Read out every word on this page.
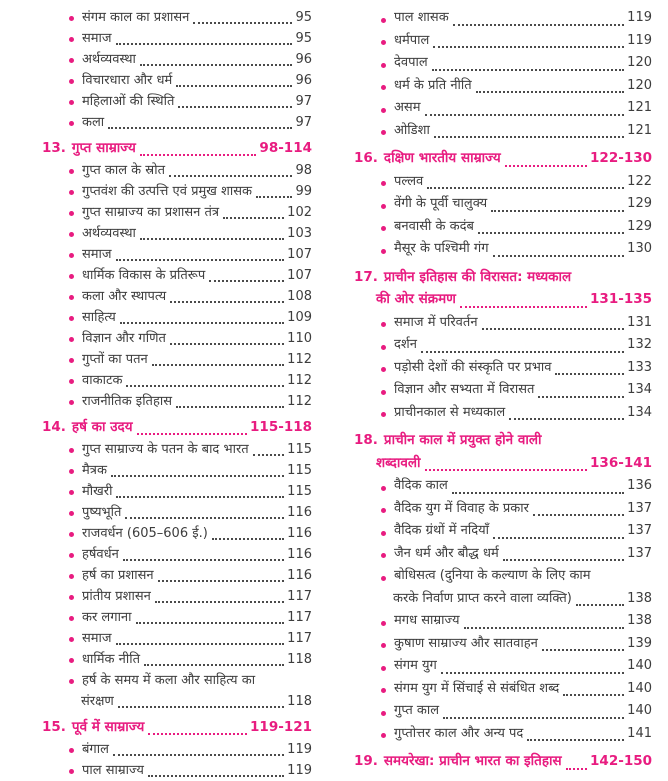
संगम काल का प्रशासन	95
समाज	95
अर्थव्यवस्था	96
विचारधारा और धर्म	96
महिलाओं की स्थिति	97
कला	97
13. गुप्त साम्राज्य	98-114
गुप्त काल के स्रोत	98
गुप्तवंश की उत्पत्ति एवं प्रमुख शासक	99
गुप्त साम्राज्य का प्रशासन तंत्र	102
अर्थव्यवस्था	103
समाज	107
धार्मिक विकास के प्रतिरूप	107
कला और स्थापत्य	108
साहित्य	109
विज्ञान और गणित	110
गुप्तों का पतन	112
वाकाटक	112
राजनीतिक इतिहास	112
14. हर्ष का उदय	115-118
गुप्त साम्राज्य के पतन के बाद भारत	115
मैत्रक	115
मौखरी	115
पुष्यभूति	116
राजवर्धन (605–606 ई.)	116
हर्षवर्धन	116
हर्ष का प्रशासन	116
प्रांतीय प्रशासन	117
कर लगाना	117
समाज	117
धार्मिक नीति	118
हर्ष के समय में कला और साहित्य का
संरक्षण	118
15. पूर्व में साम्राज्य	119-121
बंगाल	119
पाल साम्राज्य	119
पाल शासक	119
धर्मपाल	119
देवपाल	120
धर्म के प्रति नीति	120
असम	121
ओडिशा	121
16. दक्षिण भारतीय साम्राज्य	122-130
पल्लव	122
वेंगी के पूर्वी चालुक्य	129
बनवासी के कदंब	129
मैसूर के पश्चिमी गंग	130
17. प्राचीन इतिहास की विरासत: मध्यकाल
की ओर संक्रमण	131-135
समाज में परिवर्तन	131
दर्शन	132
पड़ोसी देशों की संस्कृति पर प्रभाव	133
विज्ञान और सभ्यता में विरासत	134
प्राचीनकाल से मध्यकाल	134
18. प्राचीन काल में प्रयुक्त होने वाली
शब्दावली	136-141
वैदिक काल	136
वैदिक युग में विवाह के प्रकार	137
वैदिक ग्रंथों में नदियाँ	137
जैन धर्म और बौद्ध धर्म	137
बोधिसत्व (दुनिया के कल्याण के लिए काम
करके निर्वाण प्राप्त करने वाला व्यक्ति)	138
मगध साम्राज्य	138
कुषाण साम्राज्य और सातवाहन	139
संगम युग	140
संगम युग में सिंचाई से संबंधित शब्द	140
गुप्त काल	140
गुप्तोत्तर काल और अन्य पद	141
19. समयरेखा: प्राचीन भारत का इतिहास 142-150
